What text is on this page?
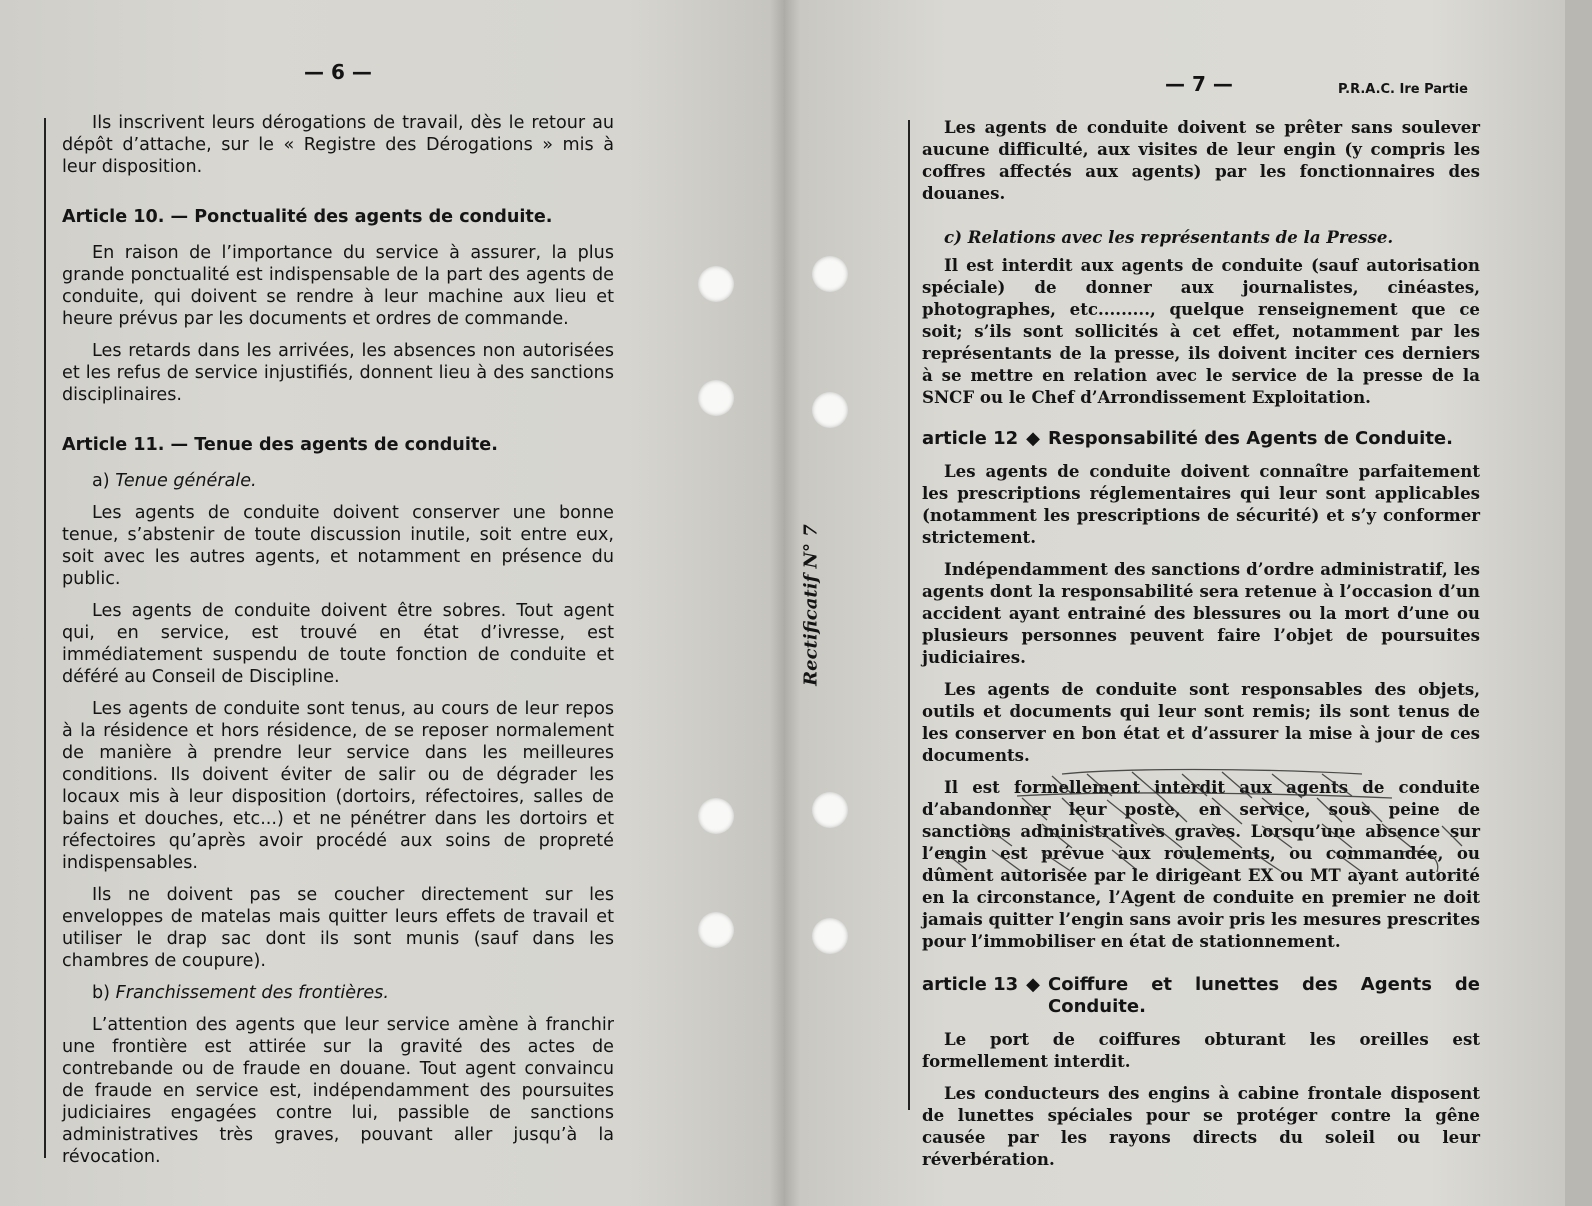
— 6 —

Ils inscrivent leurs dérogations de travail, dès le retour au dépôt d’attache, sur le « Registre des Dérogations » mis à leur disposition.

Article 10. — Ponctualité des agents de conduite.

En raison de l’importance du service à assurer, la plus grande ponctualité est indispensable de la part des agents de conduite, qui doivent se rendre à leur machine aux lieu et heure prévus par les documents et ordres de commande.

Les retards dans les arrivées, les absences non autorisées et les refus de service injustifiés, donnent lieu à des sanctions disciplinaires.

Article 11. — Tenue des agents de conduite.
a) Tenue générale.

Les agents de conduite doivent conserver une bonne tenue, s’abstenir de toute discussion inutile, soit entre eux, soit avec les autres agents, et notamment en présence du public.

Les agents de conduite doivent être sobres. Tout agent qui, en service, est trouvé en état d’ivresse, est immédiatement suspendu de toute fonction de conduite et déféré au Conseil de Discipline.

Les agents de conduite sont tenus, au cours de leur repos à la résidence et hors résidence, de se reposer normalement de manière à prendre leur service dans les meilleures conditions. Ils doivent éviter de salir ou de dégrader les locaux mis à leur disposition (dortoirs, réfectoires, salles de bains et douches, etc...) et ne pénétrer dans les dortoirs et réfectoires qu’après avoir procédé aux soins de propreté indispensables.

Ils ne doivent pas se coucher directement sur les enveloppes de matelas mais quitter leurs effets de travail et utiliser le drap sac dont ils sont munis (sauf dans les chambres de coupure).

b) Franchissement des frontières.

L’attention des agents que leur service amène à franchir une frontière est attirée sur la gravité des actes de contrebande ou de fraude en douane. Tout agent convaincu de fraude en service est, indépendamment des poursuites judiciaires engagées contre lui, passible de sanctions administratives très graves, pouvant aller jusqu’à la révocation.

— 7 —	P.R.A.C. Ire Partie
Rectificatif N° 7

Les agents de conduite doivent se prêter sans soulever aucune difficulté, aux visites de leur engin (y compris les coffres affectés aux agents) par les fonctionnaires des douanes.

c) Relations avec les représentants de la Presse.

Il est interdit aux agents de conduite (sauf autorisation spéciale) de donner aux journalistes, cinéastes, photographes, etc........., quelque renseignement que ce soit; s’ils sont sollicités à cet effet, notamment par les représentants de la presse, ils doivent inciter ces derniers à se mettre en relation avec le service de la presse de la SNCF ou le Chef d’Arrondissement Exploitation.

article 12 ◆ Responsabilité des Agents de Conduite.

Les agents de conduite doivent connaître parfaitement les prescriptions réglementaires qui leur sont applicables (notamment les prescriptions de sécurité) et s’y conformer strictement.

Indépendamment des sanctions d’ordre administratif, les agents dont la responsabilité sera retenue à l’occasion d’un accident ayant entrainé des blessures ou la mort d’une ou plusieurs personnes peuvent faire l’objet de poursuites judiciaires.

Les agents de conduite sont responsables des objets, outils et documents qui leur sont remis; ils sont tenus de les conserver en bon état et d’assurer la mise à jour de ces documents.

Il est formellement interdit aux agents de conduite d’abandonner leur poste, en service, sous peine de sanctions administratives graves. Lorsqu’une absence sur l’engin est prévue aux roulements, ou commandée, ou dûment autorisée par le dirigeant EX ou MT ayant autorité en la circonstance, l’Agent de conduite en premier ne doit jamais quitter l’engin sans avoir pris les mesures prescrites pour l’immobiliser en état de stationnement.

article 13 ◆ Coiffure et lunettes des Agents de
Conduite.

Le port de coiffures obturant les oreilles est formellement interdit.

Les conducteurs des engins à cabine frontale disposent de lunettes spéciales pour se protéger contre la gêne causée par les rayons directs du soleil ou leur réverbération.
